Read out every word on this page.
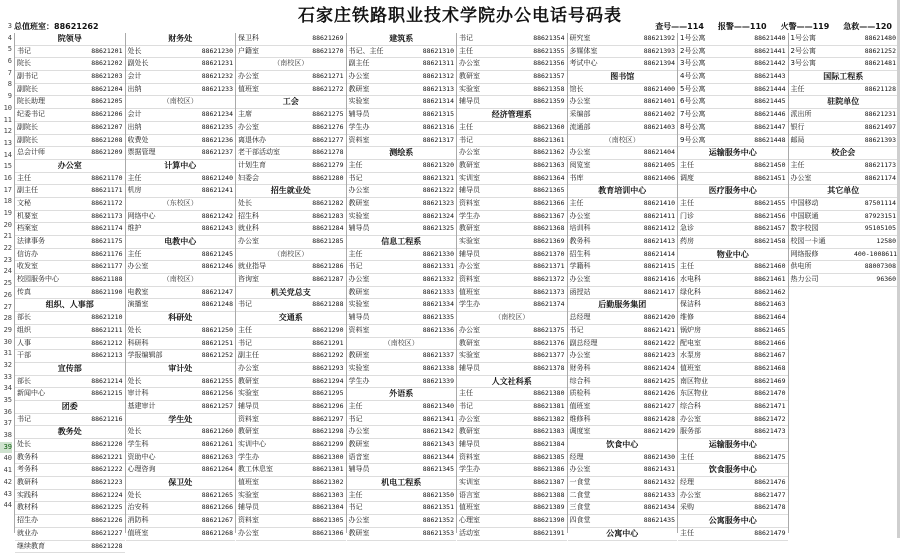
石家庄铁路职业技术学院办公电话号码表
3
4
5
6
7
8
9
10
11
12
13
14
15
16
17
18
19
20
21
22
23
24
25
26
27
28
29
30
31
32
33
34
35
36
37
38
39
40
41
42
43
44
总值班室：88621262	查号——114 报警——110 火警——119 急救——120
院领导
书记	88621201
院长	88621202
副书记	88621203
副院长	88621204
院长助理	88621205
纪委书记	88621206
副院长	88621207
副院长	88621208
总会计师	88621209
办公室
主任	88621170
副主任	88621171
文秘	88621172
机要室	88621173
档案室	88621174
法律事务	88621175
信访办	88621176
收发室	88621177
校园服务中心	88621188
传真	88621190
组织、人事部
部长	88621210
组织	88621211
人事	88621212
干部	88621213
宣传部
部长	88621214
新闻中心	88621215
团委
书记	88621216
教务处
处长	88621220
教务科	88621221
考务科	88621222
教研科	88621223
实践科	88621224
教材科	88621225
招生办	88621226
就业办	88621227
继续教育	88621228
财务处
处长	88621230
副处长	88621231
会计	88621232
出纳	88621233
（南校区）
会计	88621234
出纳	88621235
收费处	88621236
票据管理	88621237
计算中心
主任	88621240
机房	88621241
（东校区）
网络中心	88621242
维护	88621243
电教中心
主任	88621245
办公室	88621246
（南校区）
电教室	88621247
演播室	88621248
科研处
处长	88621250
科研科	88621251
学报编辑部	88621252
审计处
处长	88621255
审计科	88621256
基建审计	88621257
学生处
处长	88621260
学生科	88621261
资助中心	88621263
心理咨询	88621264
保卫处
处长	88621265
治安科	88621266
消防科	88621267
值班室	88621268
保卫科	88621269
户籍室	88621270
（南校区）
办公室	88621271
值班室	88621272
工会
主席	88621275
办公室	88621276
离退休办	88621277
老干部活动室	88621278
计划生育	88621279
妇委会	88621280
招生就业处
处长	88621282
招生科	88621283
就业科	88621284
办公室	88621285
（南校区）
就业指导	88621286
咨询室	88621287
机关党总支
书记	88621288
交通系
主任	88621290
书记	88621291
副主任	88621292
办公室	88621293
教研室	88621294
实验室	88621295
辅导员	88621296
资料室	88621297
教研室	88621298
实训中心	88621299
学生办	88621300
教工休息室	88621301
值班室	88621302
实验室	88621303
辅导员	88621304
资料室	88621305
办公室	88621306
建筑系
书记、主任	88621310
副主任	88621311
办公室	88621312
教研室	88621313
实验室	88621314
辅导员	88621315
学生办	88621316
资料室	88621317
测绘系
主任	88621320
书记	88621321
办公室	88621322
教研室	88621323
实验室	88621324
辅导员	88621325
信息工程系
主任	88621330
书记	88621331
办公室	88621332
教研室	88621333
实验室	88621334
辅导员	88621335
资料室	88621336
（南校区）
教研室	88621337
实验室	88621338
学生办	88621339
外语系
主任	88621340
书记	88621341
办公室	88621342
教研室	88621343
语音室	88621344
辅导员	88621345
机电工程系
主任	88621350
书记	88621351
办公室	88621352
教研室	88621353
书记	88621354
主任	88621355
办公室	88621356
教研室	88621357
实验室	88621358
辅导员	88621359
经济管理系
主任	88621360
书记	88621361
办公室	88621362
教研室	88621363
实训室	88621364
辅导员	88621365
资料室	88621366
学生办	88621367
教研室	88621368
实验室	88621369
辅导员	88621370
办公室	88621371
资料室	88621372
值班室	88621373
学生办	88621374
（南校区）
办公室	88621375
教研室	88621376
实验室	88621377
辅导员	88621378
人文社科系
主任	88621380
书记	88621381
办公室	88621382
教研室	88621383
辅导员	88621384
资料室	88621385
学生办	88621386
实训室	88621387
语言室	88621388
值班室	88621389
心理室	88621390
活动室	88621391
研究室	88621392
多媒体室	88621393
考试中心	88621394
图书馆
馆长	88621400
办公室	88621401
采编部	88621402
流通部	88621403
（南校区）
办公室	88621404
阅览室	88621405
书库	88621406
教育培训中心
主任	88621410
办公室	88621411
培训科	88621412
教务科	88621413
招生科	88621414
学籍科	88621415
办公室	88621416
函授站	88621417
后勤服务集团
总经理	88621420
书记	88621421
副总经理	88621422
办公室	88621423
财务科	88621424
综合科	88621425
质检科	88621426
值班室	88621427
维修科	88621428
调度室	88621429
饮食中心
经理	88621430
办公室	88621431
一食堂	88621432
二食堂	88621433
三食堂	88621434
四食堂	88621435
公寓中心
1号公寓	88621440
2号公寓	88621441
3号公寓	88621442
4号公寓	88621443
5号公寓	88621444
6号公寓	88621445
7号公寓	88621446
8号公寓	88621447
9号公寓	88621448
运输服务中心
主任	88621450
调度	88621451
医疗服务中心
主任	88621455
门诊	88621456
急诊	88621457
药房	88621458
物业中心
主任	88621460
水电科	88621461
绿化科	88621462
保洁科	88621463
维修	88621464
锅炉房	88621465
配电室	88621466
水泵房	88621467
值班室	88621468
南区物业	88621469
东区物业	88621470
综合科	88621471
办公室	88621472
服务部	88621473
运输服务中心
主任	88621475
饮食服务中心
经理	88621476
办公室	88621477
采购	88621478
公寓服务中心
主任	88621479
1号公寓	88621480
2号公寓	88621252
3号公寓	88621481
国际工程系
主任	88621128
驻院单位
派出所	88621231
银行	88621497
邮局	88621393
校企会
主任	88621173
办公室	88621174
其它单位
中国移动	87501114
中国联通	87923151
数字校园	95105105
校园一卡通	12580
网络报修	400-1008611
供电所	88007308
热力公司	96360
